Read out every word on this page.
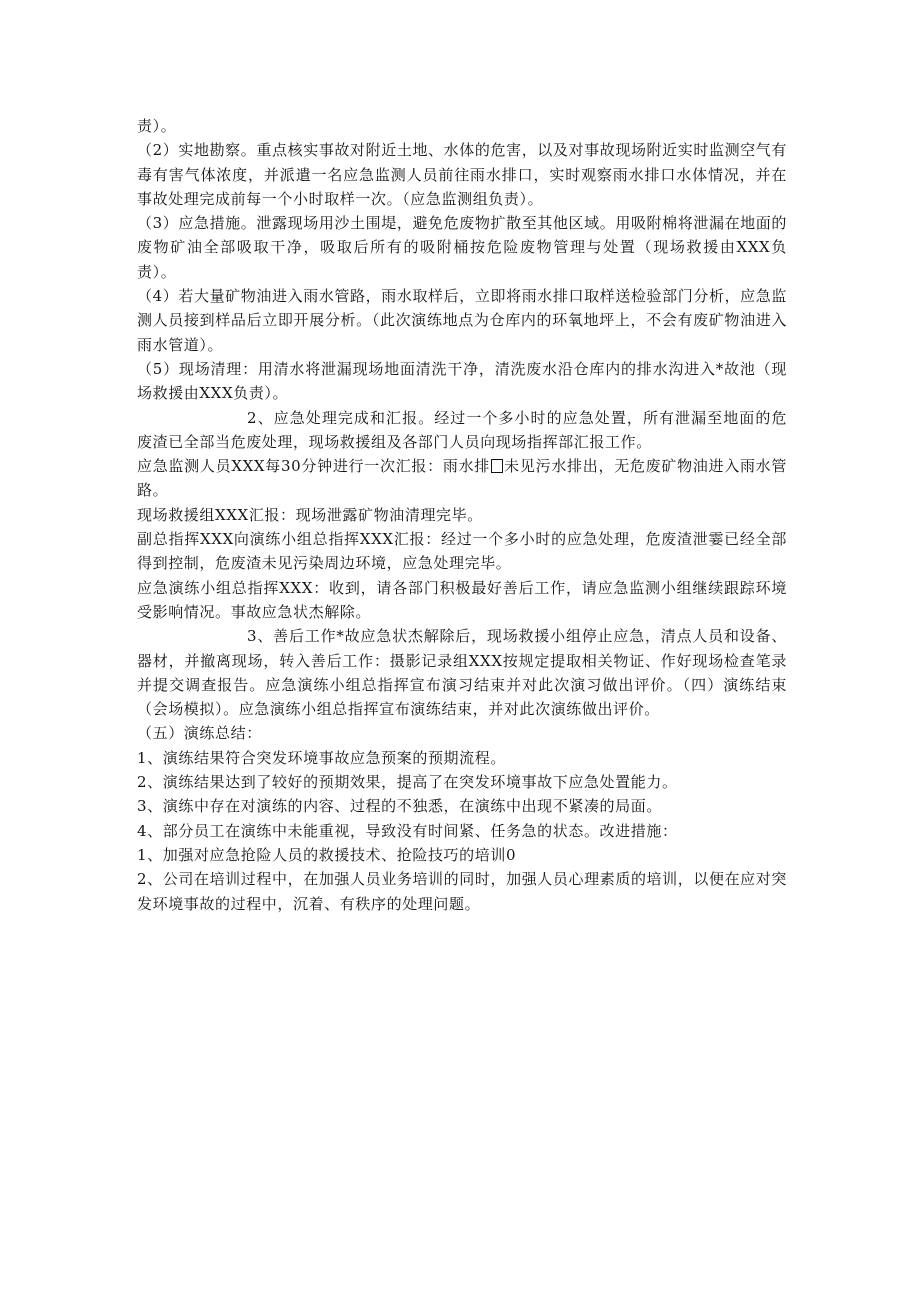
责）。

（2）实地勘察。重点核实事故对附近土地、水体的危害，以及对事故现场附近实时监测空气有毒有害气体浓度，并派遣一名应急监测人员前往雨水排口，实时观察雨水排口水体情况，并在事故处理完成前每一个小时取样一次。（应急监测组负责）。

（3）应急措施。泄露现场用沙土围堤，避免危废物扩散至其他区域。用吸附棉将泄漏在地面的废物矿油全部吸取干净，吸取后所有的吸附桶按危险废物管理与处置（现场救援由XXX负责）。

（4）若大量矿物油进入雨水管路，雨水取样后，立即将雨水排口取样送检验部门分析，应急监测人员接到样品后立即开展分析。（此次演练地点为仓库内的环氧地坪上，不会有废矿物油进入雨水管道）。

（5）现场清理：用清水将泄漏现场地面清洗干净，清洗废水沿仓库内的排水沟进入*故池（现场救援由XXX负责）。

2、应急处理完成和汇报。经过一个多小时的应急处置，所有泄漏至地面的危废渣已全部当危废处理，现场救援组及各部门人员向现场指挥部汇报工作。

应急监测人员XXX每30分钟进行一次汇报：雨水排 未见污水排出，无危废矿物油进入雨水管路。

现场救援组XXX汇报：现场泄露矿物油清理完毕。

副总指挥XXX向演练小组总指挥XXX汇报：经过一个多小时的应急处理，危废渣泄霎已经全部得到控制，危废渣未见污染周边环境，应急处理完毕。

应急演练小组总指挥XXX：收到，请各部门积极最好善后工作，请应急监测小组继续跟踪环境受影响情况。事故应急状杰解除。

3、善后工作*故应急状杰解除后，现场救援小组停止应急，清点人员和设备、器材，并撤离现场，转入善后工作：摄影记录组XXX按规定提取相关物证、作好现场检查笔录并提交调查报告。应急演练小组总指挥宣布演习结束并对此次演习做出评价。（四）演练结束（会场模拟）。应急演练小组总指挥宣布演练结束，并对此次演练做出评价。

（五）演练总结：

1、演练结果符合突发环境事故应急预案的预期流程。

2、演练结果达到了较好的预期效果，提高了在突发环境事故下应急处置能力。

3、演练中存在对演练的内容、过程的不独悉，在演练中出现不紧凑的局面。

4、部分员工在演练中未能重视，导致没有时间紧、任务急的状态。改进措施：

1、加强对应急抢险人员的救援技术、抢险技巧的培训0

2、公司在培训过程中，在加强人员业务培训的同时，加强人员心理素质的培训，以便在应对突发环境事故的过程中，沉着、有秩序的处理问题。
